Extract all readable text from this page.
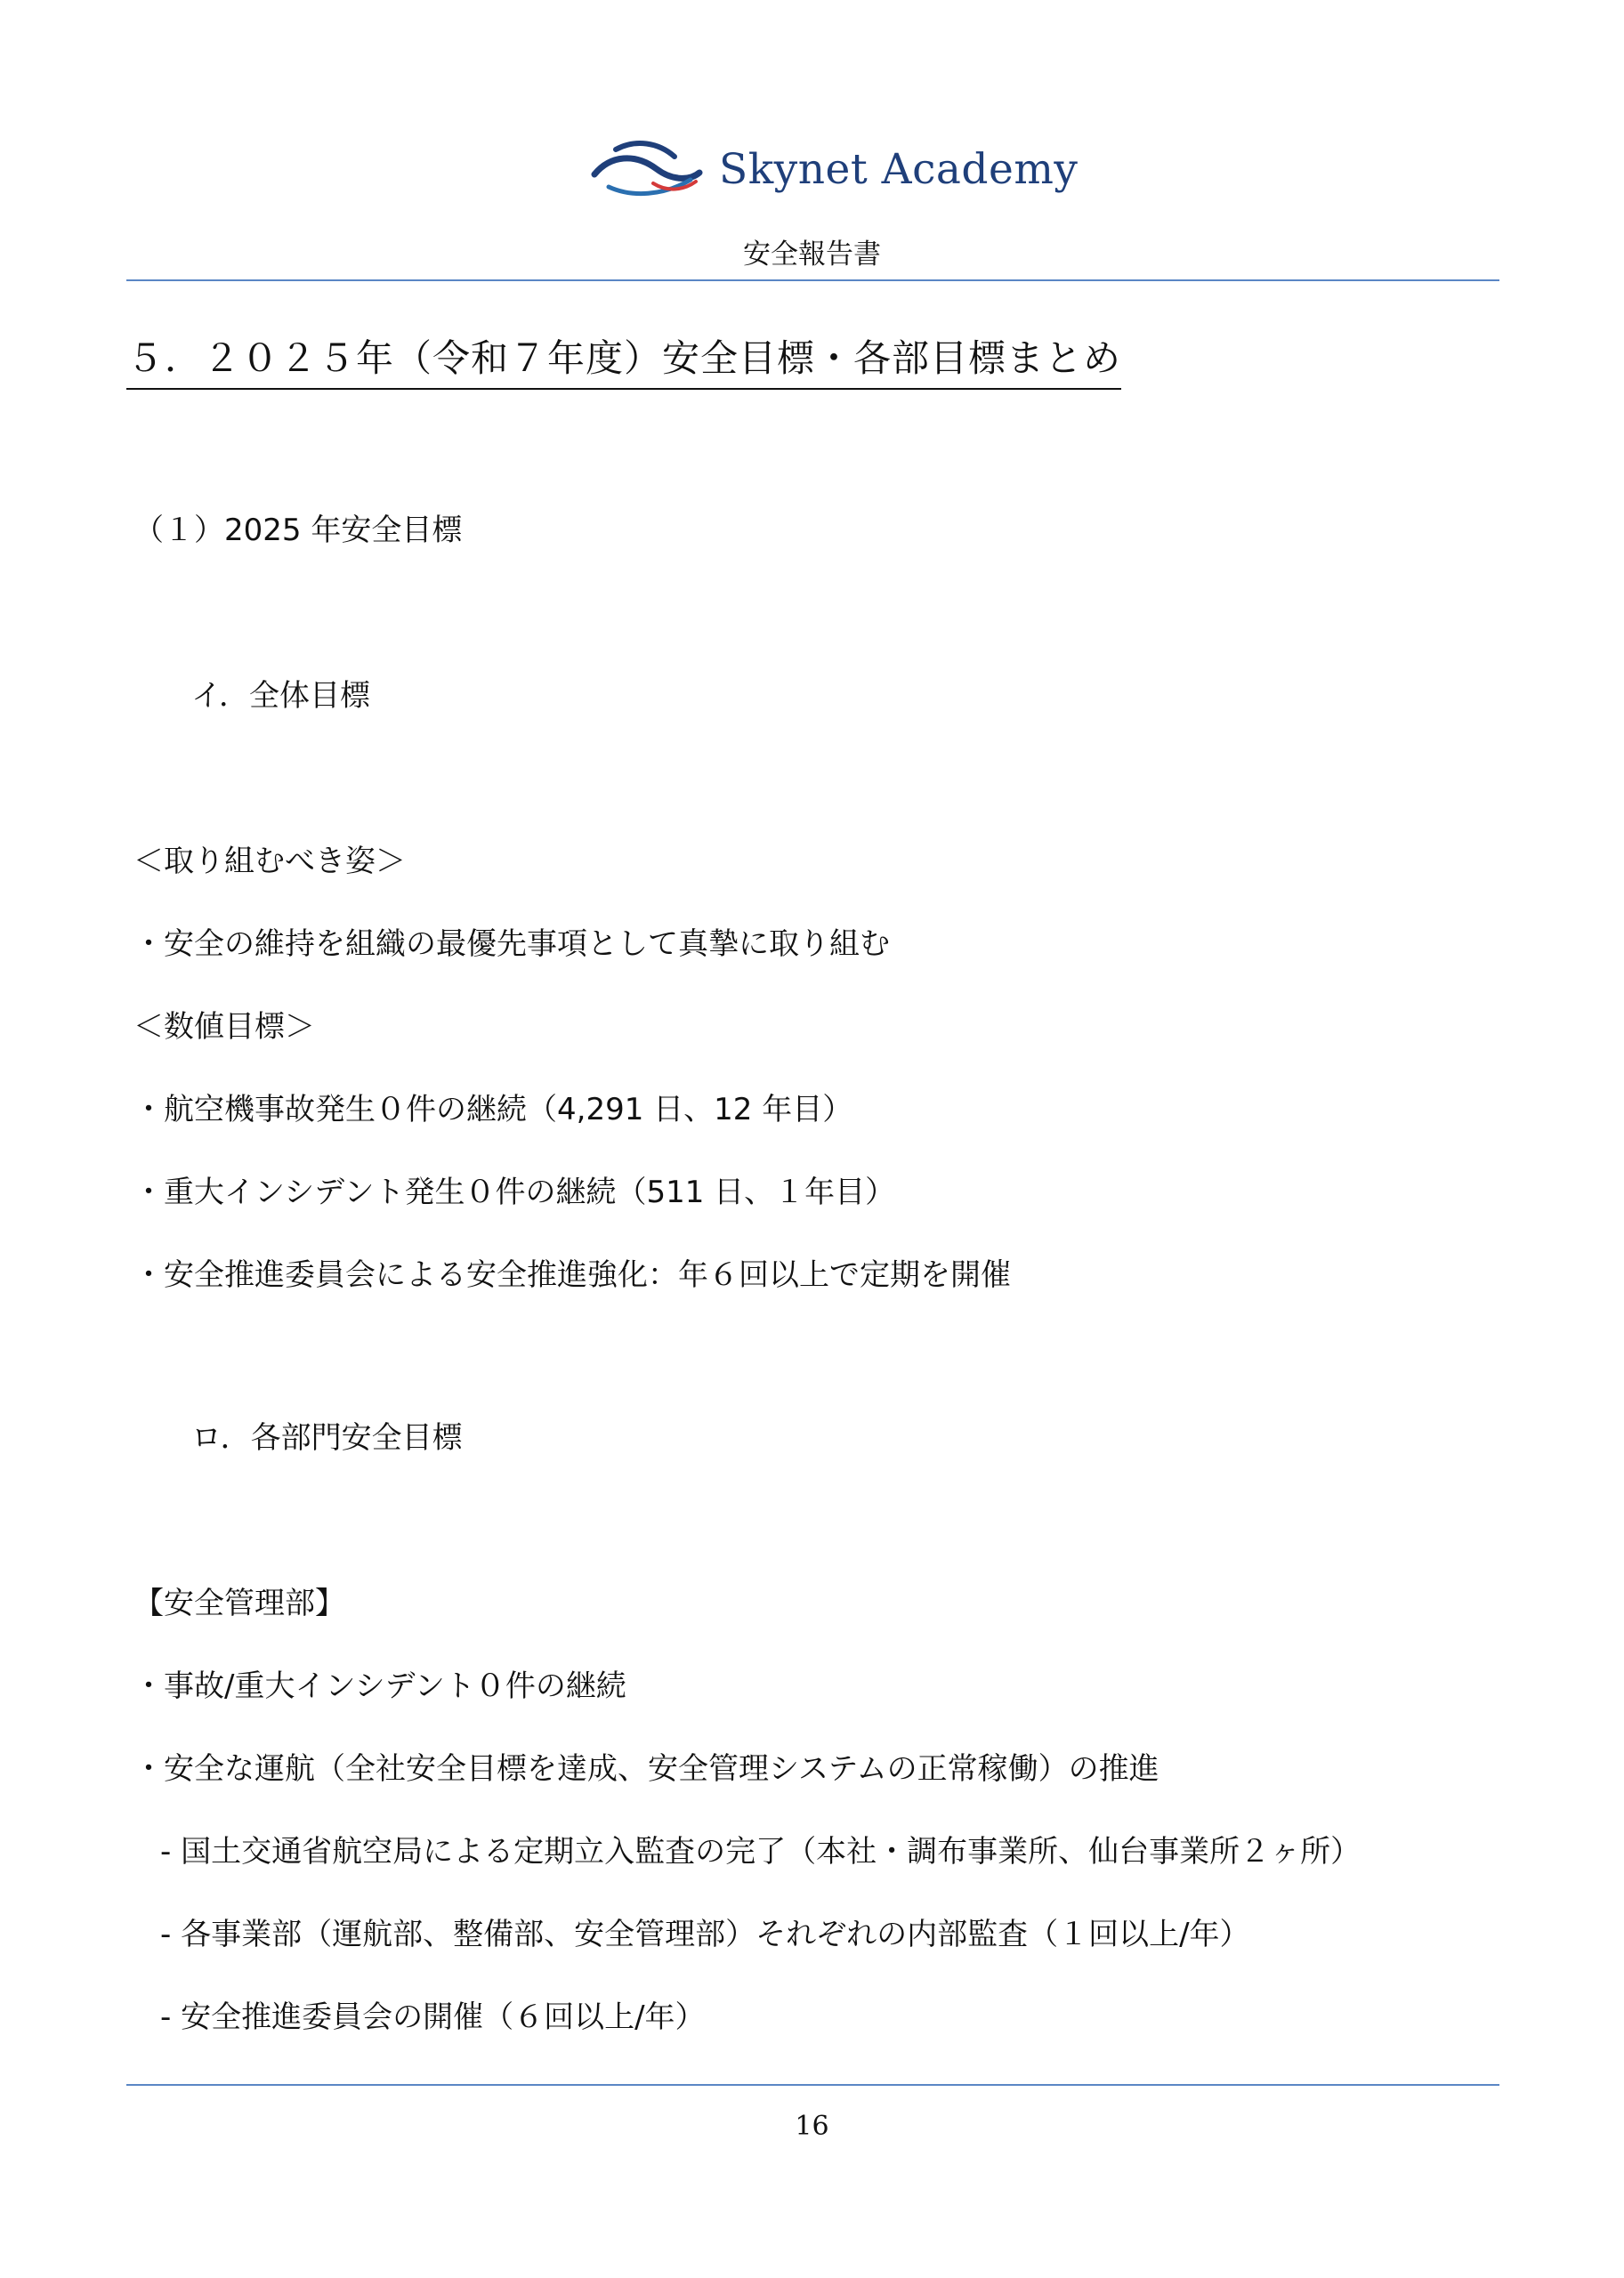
Skynet Academy
安全報告書
５．２０２５年（令和７年度）安全目標・各部目標まとめ
（１）2025 年安全目標
イ．全体目標
＜取り組むべき姿＞
・安全の維持を組織の最優先事項として真摯に取り組む
＜数値目標＞
・航空機事故発生０件の継続（4,291 日、12 年目）
・重大インシデント発生０件の継続（511 日、１年目）
・安全推進委員会による安全推進強化：年６回以上で定期を開催
ロ．各部門安全目標
【安全管理部】
・事故/重大インシデント０件の継続
・安全な運航（全社安全目標を達成、安全管理システムの正常稼働）の推進
- 国土交通省航空局による定期立入監査の完了（本社・調布事業所、仙台事業所２ヶ所）
- 各事業部（運航部、整備部、安全管理部）それぞれの内部監査（１回以上/年）
- 安全推進委員会の開催（６回以上/年）
16
